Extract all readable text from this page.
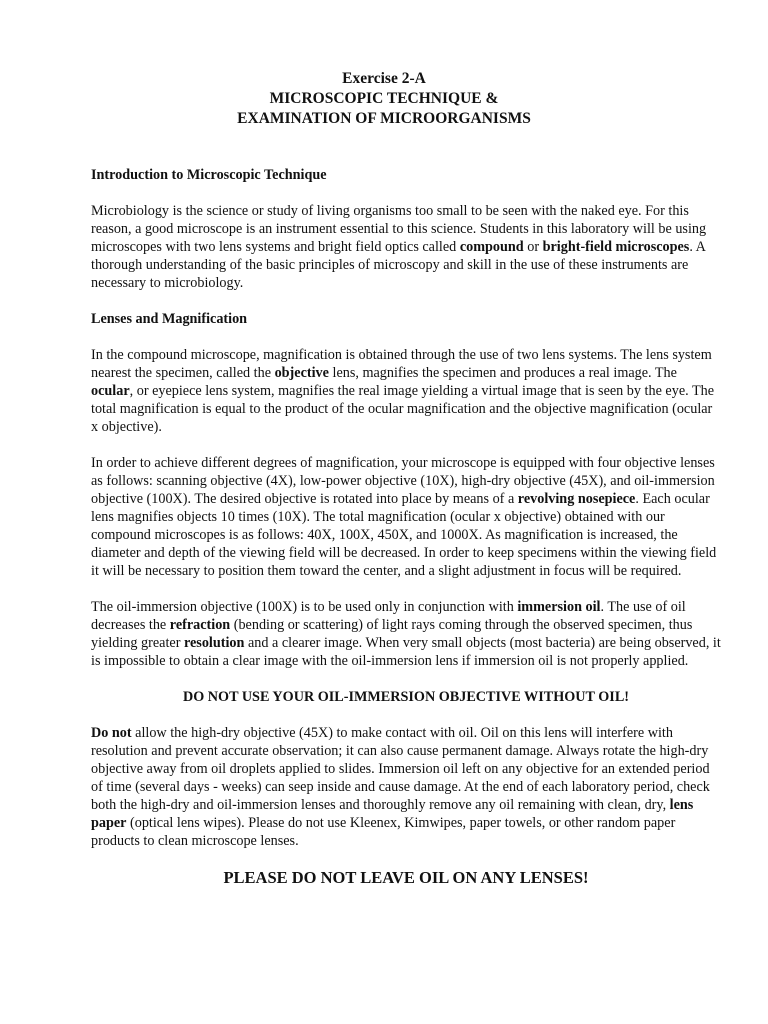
Exercise 2-A
MICROSCOPIC TECHNIQUE &
EXAMINATION OF MICROORGANISMS
Introduction to Microscopic Technique

Microbiology is the science or study of living organisms too small to be seen with the naked eye. For this reason, a good microscope is an instrument essential to this science. Students in this laboratory will be using microscopes with two lens systems and bright field optics called compound or bright-field microscopes. A thorough understanding of the basic principles of microscopy and skill in the use of these instruments are necessary to microbiology.

Lenses and Magnification

In the compound microscope, magnification is obtained through the use of two lens systems. The lens system nearest the specimen, called the objective lens, magnifies the specimen and produces a real image. The ocular, or eyepiece lens system, magnifies the real image yielding a virtual image that is seen by the eye. The total magnification is equal to the product of the ocular magnification and the objective magnification (ocular x objective).

In order to achieve different degrees of magnification, your microscope is equipped with four objective lenses as follows: scanning objective (4X), low-power objective (10X), high-dry objective (45X), and oil-immersion objective (100X). The desired objective is rotated into place by means of a revolving nosepiece. Each ocular lens magnifies objects 10 times (10X). The total magnification (ocular x objective) obtained with our compound microscopes is as follows: 40X, 100X, 450X, and 1000X. As magnification is increased, the diameter and depth of the viewing field will be decreased. In order to keep specimens within the viewing field it will be necessary to position them toward the center, and a slight adjustment in focus will be required.

The oil-immersion objective (100X) is to be used only in conjunction with immersion oil. The use of oil decreases the refraction (bending or scattering) of light rays coming through the observed specimen, thus yielding greater resolution and a clearer image. When very small objects (most bacteria) are being observed, it is impossible to obtain a clear image with the oil-immersion lens if immersion oil is not properly applied.

DO NOT USE YOUR OIL-IMMERSION OBJECTIVE WITHOUT OIL!

Do not allow the high-dry objective (45X) to make contact with oil. Oil on this lens will interfere with resolution and prevent accurate observation; it can also cause permanent damage. Always rotate the high-dry objective away from oil droplets applied to slides. Immersion oil left on any objective for an extended period of time (several days - weeks) can seep inside and cause damage. At the end of each laboratory period, check both the high-dry and oil-immersion lenses and thoroughly remove any oil remaining with clean, dry, lens paper (optical lens wipes). Please do not use Kleenex, Kimwipes, paper towels, or other random paper products to clean microscope lenses.

PLEASE DO NOT LEAVE OIL ON ANY LENSES!
